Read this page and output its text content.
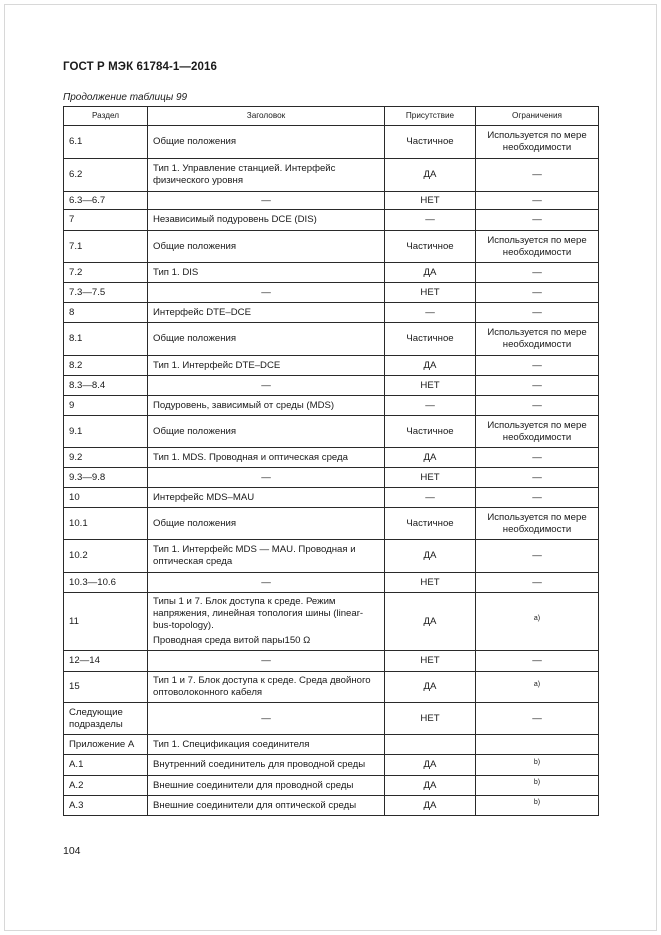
ГОСТ Р МЭК 61784-1—2016
Продолжение таблицы 99
Раздел	Заголовок	Присутствие	Ограничения
6.1	Общие положения	Частичное	Используется по мере необходимости
6.2	Тип 1. Управление станцией. Интерфейс физического уровня	ДА	—
6.3—6.7	—	НЕТ	—
7	Независимый подуровень DCE (DIS)	—	—
7.1	Общие положения	Частичное	Используется по мере необходимости
7.2	Тип 1. DIS	ДА	—
7.3—7.5	—	НЕТ	—
8	Интерфейс DTE–DCE	—	—
8.1	Общие положения	Частичное	Используется по мере необходимости
8.2	Тип 1. Интерфейс DTE–DCE	ДА	—
8.3—8.4	—	НЕТ	—
9	Подуровень, зависимый от среды (MDS)	—	—
9.1	Общие положения	Частичное	Используется по мере необходимости
9.2	Тип 1. MDS. Проводная и оптическая среда	ДА	—
9.3—9.8	—	НЕТ	—
10	Интерфейс MDS–MAU	—	—
10.1	Общие положения	Частичное	Используется по мере необходимости
10.2	Тип 1. Интерфейс MDS — MAU. Проводная и оптическая среда	ДА	—
10.3—10.6	—	НЕТ	—
11	Типы 1 и 7. Блок доступа к среде. Режим напряжения, линейная топология шины (linear-bus-topology).
Проводная среда витой пары150 Ω	ДА	$^{a)}$
12—14	—	НЕТ	—
15	Тип 1 и 7. Блок доступа к среде. Среда двойного оптоволоконного кабеля	ДА	$^{a)}$
Следующие подразделы	—	НЕТ	—
Приложение A	Тип 1. Спецификация соединителя		
A.1	Внутренний соединитель для проводной среды	ДА	$^{b)}$
A.2	Внешние соединители для проводной среды	ДА	$^{b)}$
A.3	Внешние соединители для оптической среды	ДА	$^{b)}$
104
